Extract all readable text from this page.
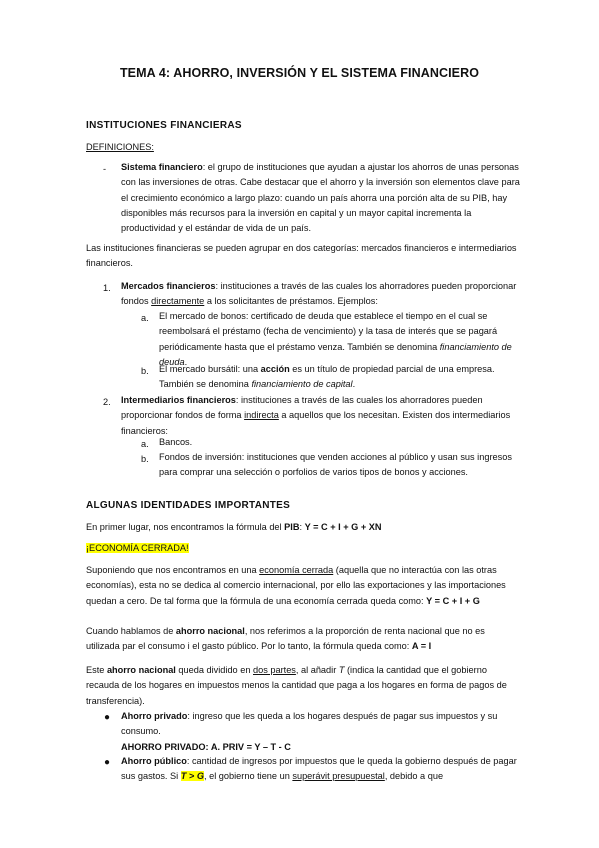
TEMA 4: AHORRO, INVERSIÓN Y EL SISTEMA FINANCIERO
INSTITUCIONES FINANCIERAS
DEFINICIONES:
- Sistema financiero: el grupo de instituciones que ayudan a ajustar los ahorros de unas personas con las inversiones de otras. Cabe destacar que el ahorro y la inversión son elementos clave para el crecimiento económico a largo plazo: cuando un país ahorra una porción alta de su PIB, hay disponibles más recursos para la inversión en capital y un mayor capital incrementa la productividad y el estándar de vida de un país.

Las instituciones financieras se pueden agrupar en dos categorías: mercados financieros e intermediarios financieros.

1. Mercados financieros: instituciones a través de las cuales los ahorradores pueden proporcionar fondos directamente a los solicitantes de préstamos. Ejemplos:

a. El mercado de bonos: certificado de deuda que establece el tiempo en el cual se reembolsará el préstamo (fecha de vencimiento) y la tasa de interés que se pagará periódicamente hasta que el préstamo venza. También se denomina financiamiento de deuda.

b. El mercado bursátil: una acción es un título de propiedad parcial de una empresa. También se denomina financiamiento de capital.

2. Intermediarios financieros: instituciones a través de las cuales los ahorradores pueden proporcionar fondos de forma indirecta a aquellos que los necesitan. Existen dos intermediarios financieros:

a. Bancos.

b. Fondos de inversión: instituciones que venden acciones al público y usan sus ingresos para comprar una selección o porfolios de varios tipos de bonos y acciones.

ALGUNAS IDENTIDADES IMPORTANTES

En primer lugar, nos encontramos la fórmula del PIB: Y = C + I + G + XN

¡ECONOMÍA CERRADA!

Suponiendo que nos encontramos en una economía cerrada (aquella que no interactúa con las otras economías), esta no se dedica al comercio internacional, por ello las exportaciones y las importaciones quedan a cero. De tal forma que la fórmula de una economía cerrada queda como: Y = C + I + G

Cuando hablamos de ahorro nacional, nos referimos a la proporción de renta nacional que no es utilizada par el consumo i el gasto público. Por lo tanto, la fórmula queda como: A = I

Este ahorro nacional queda dividido en dos partes, al añadir T (indica la cantidad que el gobierno recauda de los hogares en impuestos menos la cantidad que paga a los hogares en forma de pagos de transferencia).

● Ahorro privado: ingreso que les queda a los hogares después de pagar sus impuestos y su consumo.
AHORRO PRIVADO: A. PRIV = Y – T - C

● Ahorro público: cantidad de ingresos por impuestos que le queda la gobierno después de pagar sus gastos. Si T > G, el gobierno tiene un superávit presupuestal, debido a que
